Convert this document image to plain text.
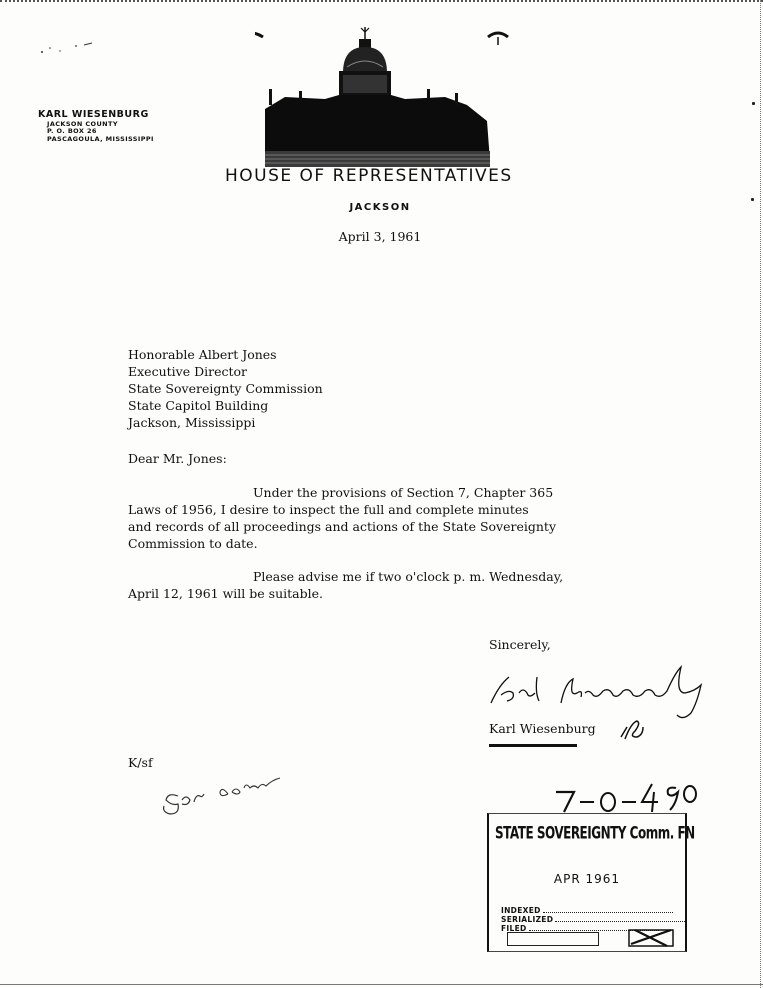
KARL WIESENBURG
JACKSON COUNTY
P. O. BOX 26
PASCAGOULA, MISSISSIPPI
HOUSE OF REPRESENTATIVES
JACKSON
April 3, 1961
Honorable Albert Jones
Executive Director
State Sovereignty Commission
State Capitol Building
Jackson, Mississippi
Dear Mr. Jones:
Under the provisions of Section 7, Chapter 365
Laws of 1956, I desire to inspect the full and complete minutes
and records of all proceedings and actions of the State Sovereignty
Commission to date.
Please advise me if two o'clock p. m. Wednesday,
April 12, 1961 will be suitable.
Sincerely,
Karl Wiesenburg
K/sf
STATE SOVEREIGNTY Comm. FN
APR 1961
INDEXED
SERIALIZED
FILED
